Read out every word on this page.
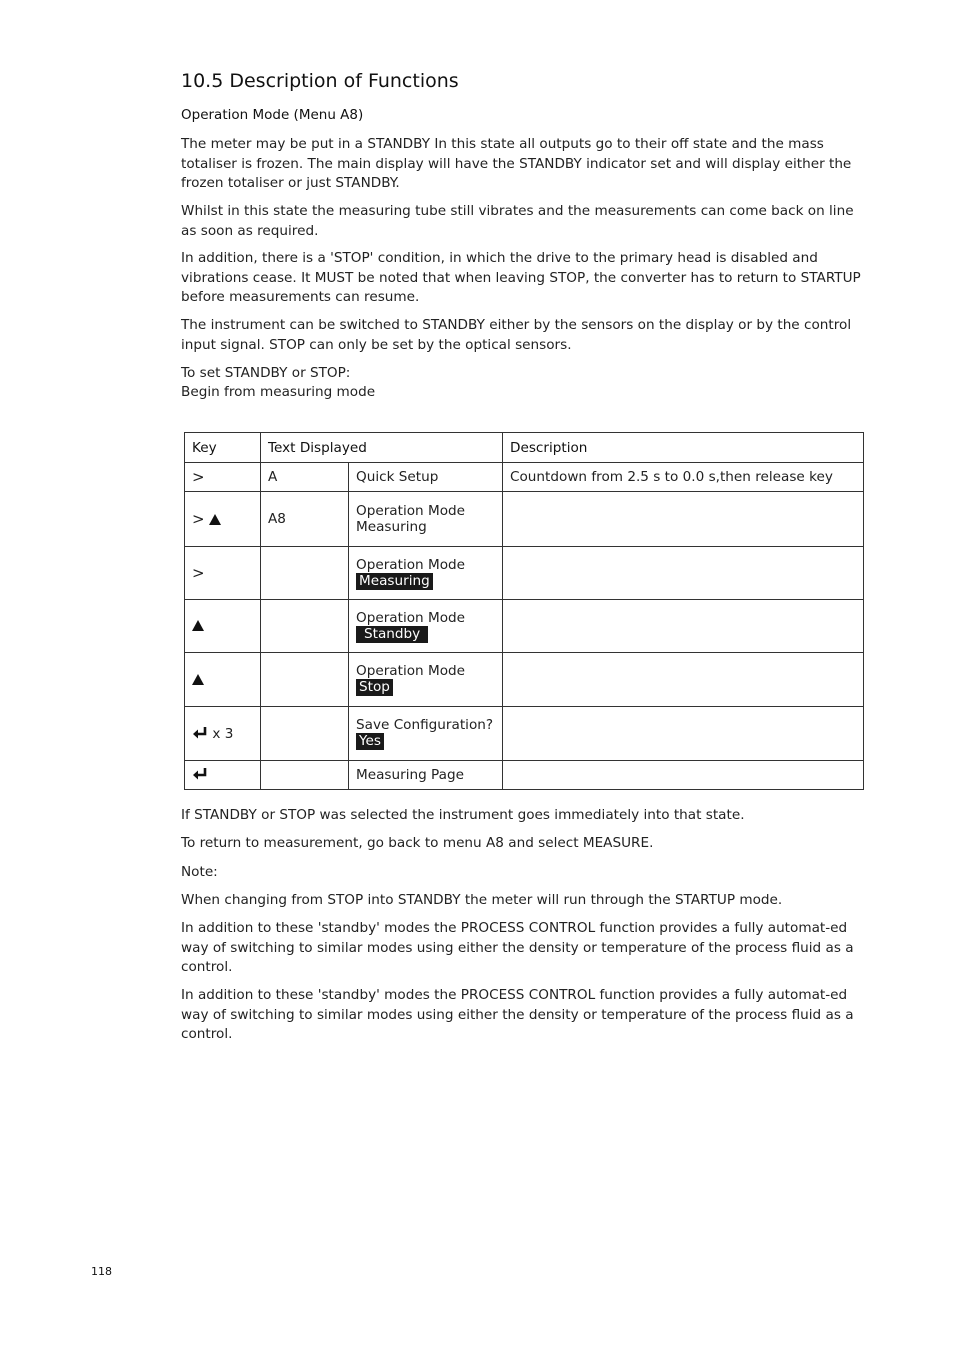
10.5 Description of Functions
Operation Mode (Menu A8)

The meter may be put in a STANDBY In this state all outputs go to their off state and the mass totaliser is frozen. The main display will have the STANDBY indicator set and will display either the frozen totaliser or just STANDBY.

Whilst in this state the measuring tube still vibrates and the measurements can come back on line as soon as required.

In addition, there is a 'STOP' condition, in which the drive to the primary head is disabled and vibrations cease. It MUST be noted that when leaving STOP, the converter has to return to STARTUP before measurements can resume.

The instrument can be switched to STANDBY either by the sensors on the display or by the control input signal. STOP can only be set by the optical sensors.

To set STANDBY or STOP:

Begin from measuring mode

Key	Text Displayed		Description
>	A	Quick Setup	Countdown from 2.5 s to 0.0 s,then release key
>	A8	Operation Mode
Measuring	

>		Operation Mode
Measuring	

		Operation Mode
Standby	

		Operation Mode
Stop	

x 3		Save Configuration?
Yes	

		Measuring Page	

If STANDBY or STOP was selected the instrument goes immediately into that state.

To return to measurement, go back to menu A8 and select MEASURE.

Note:

When changing from STOP into STANDBY the meter will run through the STARTUP mode.

In addition to these 'standby' modes the PROCESS CONTROL function provides a fully automat-ed way of switching to similar modes using either the density or temperature of the process fluid as a control.

In addition to these 'standby' modes the PROCESS CONTROL function provides a fully automat-ed way of switching to similar modes using either the density or temperature of the process fluid as a control.

118
